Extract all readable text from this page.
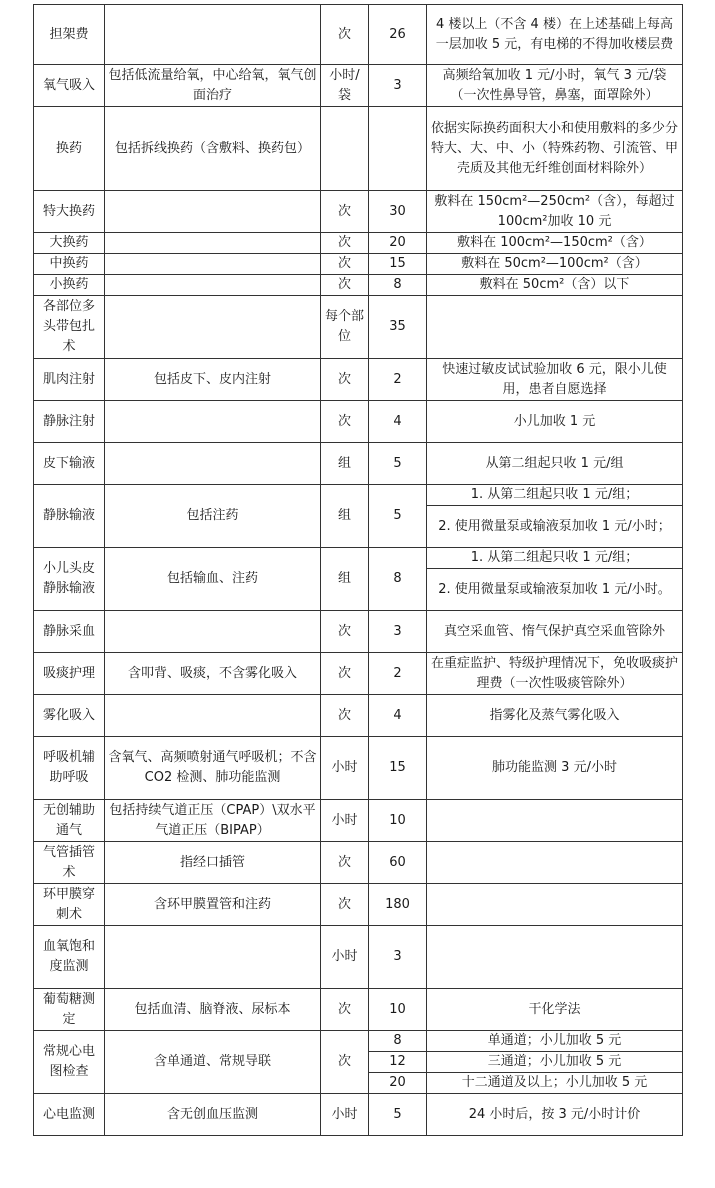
担架费		次	26	4 楼以上（不含 4 楼）在上述基础上每高一层加收 5 元，有电梯的不得加收楼层费
氧气吸入	包括低流量给氧，中心给氧，氧气创面治疗	小时/袋	3	高频给氧加收 1 元/小时，氧气 3 元/袋（一次性鼻导管，鼻塞，面罩除外）
换药	包括拆线换药（含敷料、换药包）			依据实际换药面积大小和使用敷料的多少分特大、大、中、小（特殊药物、引流管、甲壳质及其他无纤维创面材料除外）
特大换药		次	30	敷料在 150cm²—250cm²（含），每超过 100cm²加收 10 元
大换药		次	20	敷料在 100cm²—150cm²（含）
中换药		次	15	敷料在 50cm²—100cm²（含）
小换药		次	8	敷料在 50cm²（含）以下
各部位多头带包扎术		每个部位	35	
肌肉注射	包括皮下、皮内注射	次	2	快速过敏皮试试验加收 6 元，限小儿使用，患者自愿选择
静脉注射		次	4	小儿加收 1 元
皮下输液		组	5	从第二组起只收 1 元/组
静脉输液	包括注药	组	5	1. 从第二组起只收 1 元/组；
				2. 使用微量泵或输液泵加收 1 元/小时；
小儿头皮静脉输液	包括输血、注药	组	8	1. 从第二组起只收 1 元/组；
				2. 使用微量泵或输液泵加收 1 元/小时。
静脉采血		次	3	真空采血管、惰气保护真空采血管除外
吸痰护理	含叩背、吸痰，不含雾化吸入	次	2	在重症监护、特级护理情况下，免收吸痰护理费（一次性吸痰管除外）
雾化吸入		次	4	指雾化及蒸气雾化吸入
呼吸机辅助呼吸	含氧气、高频喷射通气呼吸机；不含 CO2 检测、肺功能监测	小时	15	肺功能监测 3 元/小时
无创辅助通气	包括持续气道正压（CPAP）\双水平气道正压（BIPAP）	小时	10	
气管插管术	指经口插管	次	60	
环甲膜穿刺术	含环甲膜置管和注药	次	180	
血氧饱和度监测		小时	3	
葡萄糖测定	包括血清、脑脊液、尿标本	次	10	干化学法
常规心电图检查	含单通道、常规导联	次	8	单通道；小儿加收 5 元
			12	三通道；小儿加收 5 元
			20	十二通道及以上；小儿加收 5 元
心电监测	含无创血压监测	小时	5	24 小时后，按 3 元/小时计价
